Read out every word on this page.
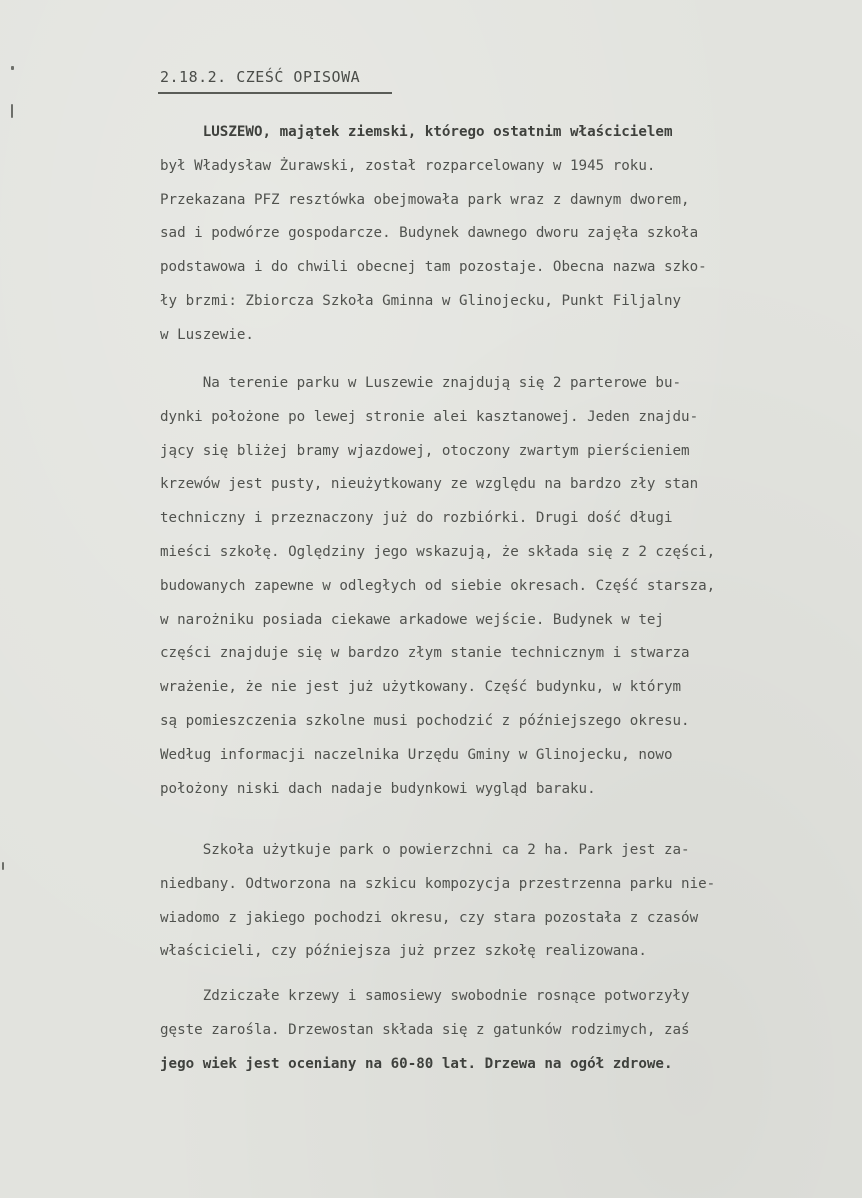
2.18.2. CZEŚĆ OPISOWA
LUSZEWO, majątek ziemski, którego ostatnim właścicielem
był Władysław Żurawski, został rozparcelowany w 1945 roku.
Przekazana PFZ resztówka obejmowała park wraz z dawnym dworem,
sad i podwórze gospodarcze. Budynek dawnego dworu zajęła szkoła
podstawowa i do chwili obecnej tam pozostaje. Obecna nazwa szko-
ły brzmi: Zbiorcza Szkoła Gminna w Glinojecku, Punkt Filjalny
w Luszewie.
Na terenie parku w Luszewie znajdują się 2 parterowe bu-
dynki położone po lewej stronie alei kasztanowej. Jeden znajdu-
jący się bliżej bramy wjazdowej, otoczony zwartym pierścieniem
krzewów jest pusty, nieużytkowany ze względu na bardzo zły stan
techniczny i przeznaczony już do rozbiórki. Drugi dość długi
mieści szkołę. Oględziny jego wskazują, że składa się z 2 części,
budowanych zapewne w odległych od siebie okresach. Część starsza,
w narożniku posiada ciekawe arkadowe wejście. Budynek w tej
części znajduje się w bardzo złym stanie technicznym i stwarza
wrażenie, że nie jest już użytkowany. Część budynku, w którym
są pomieszczenia szkolne musi pochodzić z późniejszego okresu.
Według informacji naczelnika Urzędu Gminy w Glinojecku, nowo
położony niski dach nadaje budynkowi wygląd baraku.
Szkoła użytkuje park o powierzchni ca 2 ha. Park jest za-
niedbany. Odtworzona na szkicu kompozycja przestrzenna parku nie-
wiadomo z jakiego pochodzi okresu, czy stara pozostała z czasów
właścicieli, czy późniejsza już przez szkołę realizowana.
Zdziczałe krzewy i samosiewy swobodnie rosnące potworzyły
gęste zarośla. Drzewostan składa się z gatunków rodzimych, zaś
jego wiek jest oceniany na 60-80 lat. Drzewa na ogół zdrowe.
